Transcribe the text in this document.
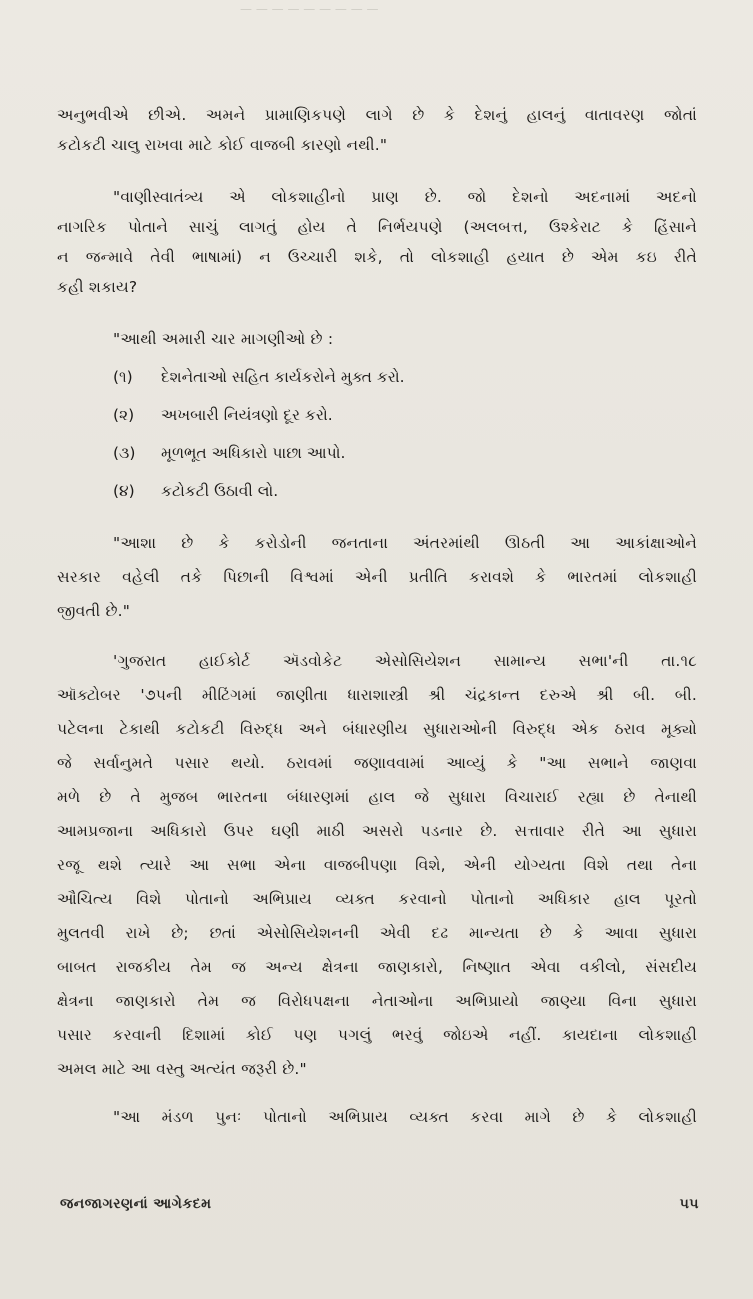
— — — — — — — — —
અનુભવીએ છીએ. અમને પ્રામાણિકપણે લાગે છે કે દેશનું હાલનું વાતાવરણ જોતાં
કટોકટી ચાલુ રાખવા માટે કોઈ વાજબી કારણો નથી."
"વાણીસ્વાતંત્ર્ય એ લોકશાહીનો પ્રાણ છે. જો દેશનો અદનામાં અદનો
નાગરિક પોતાને સાચું લાગતું હોય તે નિર્ભયપણે (અલબત્ત, ઉશ્કેરાટ કે હિંસાને
ન જન્માવે તેવી ભાષામાં) ન ઉચ્ચારી શકે, તો લોકશાહી હયાત છે એમ કઇ રીતે
કહી શકાય?
"આથી અમારી ચાર માગણીઓ છે :
(૧) દેશનેતાઓ સહિત કાર્યકરોને મુક્ત કરો.
(૨) અખબારી નિયંત્રણો દૂર કરો.
(૩) મૂળભૂત અધિકારો પાછા આપો.
(૪) કટોકટી ઉઠાવી લો.
"આશા છે કે કરોડોની જનતાના અંતરમાંથી ઊઠતી આ આકાંક્ષાઓને
સરકાર વહેલી તકે પિછાની વિશ્વમાં એની પ્રતીતિ કરાવશે કે ભારતમાં લોકશાહી
જીવતી છે."
'ગુજરાત હાઈકોર્ટ ઍડવોકેટ એસોસિયેશન સામાન્ય સભા'ની તા.૧૮
ઑક્ટોબર '૭૫ની મીટિંગમાં જાણીતા ધારાશાસ્ત્રી શ્રી ચંદ્રકાન્ત દરુએ શ્રી બી. બી.
પટેલના ટેકાથી કટોકટી વિરુદ્ધ અને બંધારણીય સુધારાઓની વિરુદ્ધ એક ઠરાવ મૂક્યો
જે સર્વાનુમતે પસાર થયો. ઠરાવમાં જણાવવામાં આવ્યું કે "આ સભાને જાણવા
મળે છે તે મુજબ ભારતના બંધારણમાં હાલ જે સુધારા વિચારાઈ રહ્યા છે તેનાથી
આમપ્રજાના અધિકારો ઉપર ઘણી માઠી અસરો પડનાર છે. સત્તાવાર રીતે આ સુધારા
રજૂ થશે ત્યારે આ સભા એના વાજબીપણા વિશે, એની યોગ્યતા વિશે તથા તેના
ઔચિત્ય વિશે પોતાનો અભિપ્રાય વ્યક્ત કરવાનો પોતાનો અધિકાર હાલ પૂરતો
મુલતવી રાખે છે; છતાં એસોસિયેશનની એવી દઢ માન્યતા છે કે આવા સુધારા
બાબત રાજકીય તેમ જ અન્ય ક્ષેત્રના જાણકારો, નિષ્ણાત એવા વકીલો, સંસદીય
ક્ષેત્રના જાણકારો તેમ જ વિરોધપક્ષના નેતાઓના અભિપ્રાયો જાણ્યા વિના સુધારા
પસાર કરવાની દિશામાં કોઈ પણ પગલું ભરવું જોઇએ નહીં. કાયદાના લોકશાહી
અમલ માટે આ વસ્તુ અત્યંત જરૂરી છે."
"આ મંડળ પુનઃ પોતાનો અભિપ્રાય વ્યક્ત કરવા માગે છે કે લોકશાહી
જનજાગરણનાં આગેકદમ	૫૫
